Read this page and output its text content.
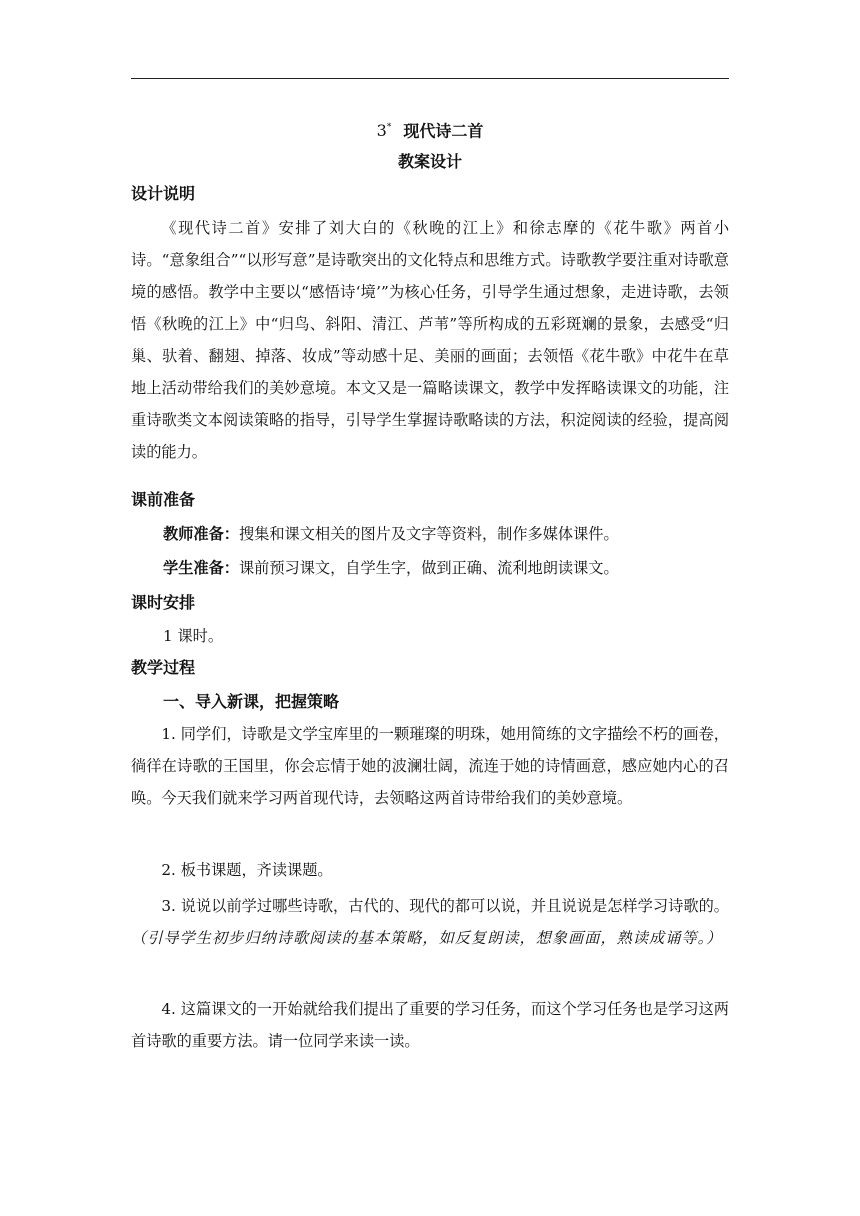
3* 现代诗二首
教案设计
设计说明
《现代诗二首》安排了刘大白的《秋晚的江上》和徐志摩的《花牛歌》两首小诗。“意象组合”“以形写意”是诗歌突出的文化特点和思维方式。诗歌教学要注重对诗歌意境的感悟。教学中主要以“感悟诗‘境’”为核心任务，引导学生通过想象，走进诗歌，去领悟《秋晚的江上》中“归鸟、斜阳、清江、芦苇”等所构成的五彩斑斓的景象，去感受“归巢、驮着、翻翅、掉落、妆成”等动感十足、美丽的画面；去领悟《花牛歌》中花牛在草地上活动带给我们的美妙意境。本文又是一篇略读课文，教学中发挥略读课文的功能，注重诗歌类文本阅读策略的指导，引导学生掌握诗歌略读的方法，积淀阅读的经验，提高阅读的能力。
课前准备
教师准备：搜集和课文相关的图片及文字等资料，制作多媒体课件。
学生准备：课前预习课文，自学生字，做到正确、流利地朗读课文。
课时安排
1 课时。
教学过程
一、导入新课，把握策略
1. 同学们，诗歌是文学宝库里的一颗璀璨的明珠，她用简练的文字描绘不朽的画卷，徜徉在诗歌的王国里，你会忘情于她的波澜壮阔，流连于她的诗情画意，感应她内心的召唤。今天我们就来学习两首现代诗，去领略这两首诗带给我们的美妙意境。
2. 板书课题，齐读课题。
3. 说说以前学过哪些诗歌，古代的、现代的都可以说，并且说说是怎样学习诗歌的。（引导学生初步归纳诗歌阅读的基本策略，如反复朗读，想象画面，熟读成诵等。）
4. 这篇课文的一开始就给我们提出了重要的学习任务，而这个学习任务也是学习这两首诗歌的重要方法。请一位同学来读一读。
